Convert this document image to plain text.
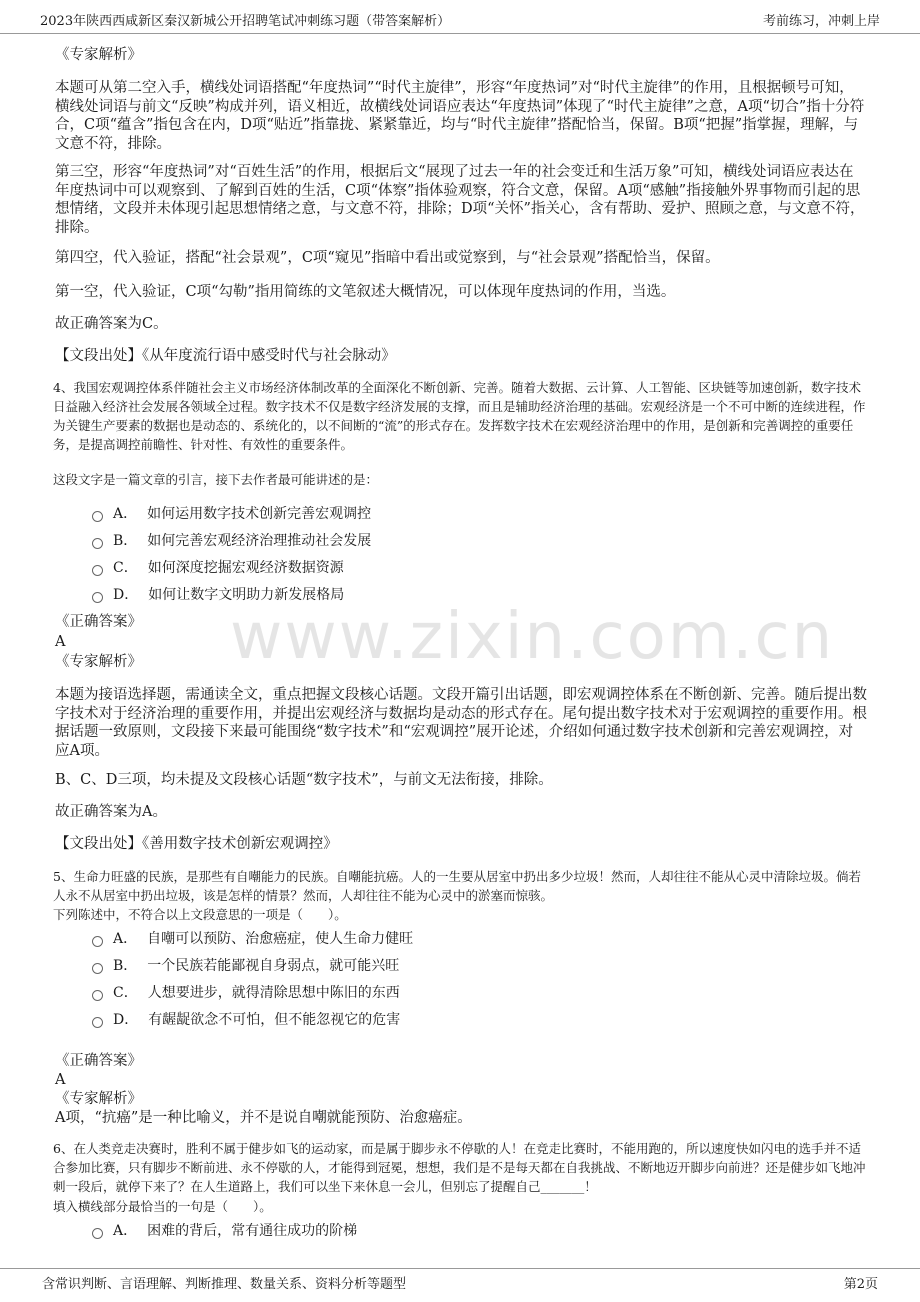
2023年陕西西咸新区秦汉新城公开招聘笔试冲刺练习题（带答案解析）	考前练习，冲刺上岸
www.zixin.com.cn
《专家解析》
本题可从第二空入手，横线处词语搭配“年度热词”“时代主旋律”，形容“年度热词”对“时代主旋律”的作用，且根据顿号可知，横线处词语与前文“反映”构成并列，语义相近，故横线处词语应表达“年度热词”体现了“时代主旋律”之意，A项“切合”指十分符合，C项“蕴含”指包含在内，D项“贴近”指靠拢、紧紧靠近，均与“时代主旋律”搭配恰当，保留。B项“把握”指掌握，理解，与文意不符，排除。
第三空，形容“年度热词”对“百姓生活”的作用，根据后文“展现了过去一年的社会变迁和生活万象”可知，横线处词语应表达在年度热词中可以观察到、了解到百姓的生活，C项“体察”指体验观察，符合文意，保留。A项“感触”指接触外界事物而引起的思想情绪，文段并未体现引起思想情绪之意，与文意不符，排除；D项“关怀”指关心，含有帮助、爱护、照顾之意，与文意不符，排除。
第四空，代入验证，搭配“社会景观”，C项“窥见”指暗中看出或觉察到，与“社会景观”搭配恰当，保留。
第一空，代入验证，C项“勾勒”指用简练的文笔叙述大概情况，可以体现年度热词的作用，当选。
故正确答案为C。
【文段出处】《从年度流行语中感受时代与社会脉动》
4、我国宏观调控体系伴随社会主义市场经济体制改革的全面深化不断创新、完善。随着大数据、云计算、人工智能、区块链等加速创新，数字技术日益融入经济社会发展各领域全过程。数字技术不仅是数字经济发展的支撑，而且是辅助经济治理的基础。宏观经济是一个不可中断的连续进程，作为关键生产要素的数据也是动态的、系统化的，以不间断的“流”的形式存在。发挥数字技术在宏观经济治理中的作用，是创新和完善调控的重要任务，是提高调控前瞻性、针对性、有效性的重要条件。
这段文字是一篇文章的引言，接下去作者最可能讲述的是：
A． 如何运用数字技术创新完善宏观调控
B． 如何完善宏观经济治理推动社会发展
C． 如何深度挖掘宏观经济数据资源
D． 如何让数字文明助力新发展格局
《正确答案》
A
《专家解析》
本题为接语选择题，需通读全文，重点把握文段核心话题。文段开篇引出话题，即宏观调控体系在不断创新、完善。随后提出数字技术对于经济治理的重要作用，并提出宏观经济与数据均是动态的形式存在。尾句提出数字技术对于宏观调控的重要作用。根据话题一致原则，文段接下来最可能围绕“数字技术”和“宏观调控”展开论述，介绍如何通过数字技术创新和完善宏观调控，对应A项。
B、C、D三项，均未提及文段核心话题“数字技术”，与前文无法衔接，排除。
故正确答案为A。
【文段出处】《善用数字技术创新宏观调控》
5、生命力旺盛的民族，是那些有自嘲能力的民族。自嘲能抗癌。人的一生要从居室中扔出多少垃圾！然而，人却往往不能从心灵中清除垃圾。倘若人永不从居室中扔出垃圾，该是怎样的情景？然而，人却往往不能为心灵中的淤塞而惊骇。
下列陈述中，不符合以上文段意思的一项是（　　）。
A． 自嘲可以预防、治愈癌症，使人生命力健旺
B． 一个民族若能鄙视自身弱点，就可能兴旺
C． 人想要进步，就得清除思想中陈旧的东西
D． 有龌龊欲念不可怕，但不能忽视它的危害
《正确答案》
A
《专家解析》
A项，“抗癌”是一种比喻义，并不是说自嘲就能预防、治愈癌症。
6、在人类竞走决赛时，胜利不属于健步如飞的运动家，而是属于脚步永不停歇的人！在竞走比赛时，不能用跑的，所以速度快如闪电的选手并不适合参加比赛，只有脚步不断前进、永不停歇的人，才能得到冠冕，想想，我们是不是每天都在自我挑战、不断地迈开脚步向前进？还是健步如飞地冲刺一段后，就停下来了？在人生道路上，我们可以坐下来休息一会儿，但别忘了提醒自己_______！
填入横线部分最恰当的一句是（　　）。
A． 困难的背后，常有通往成功的阶梯
含常识判断、言语理解、判断推理、数量关系、资料分析等题型	第2页
